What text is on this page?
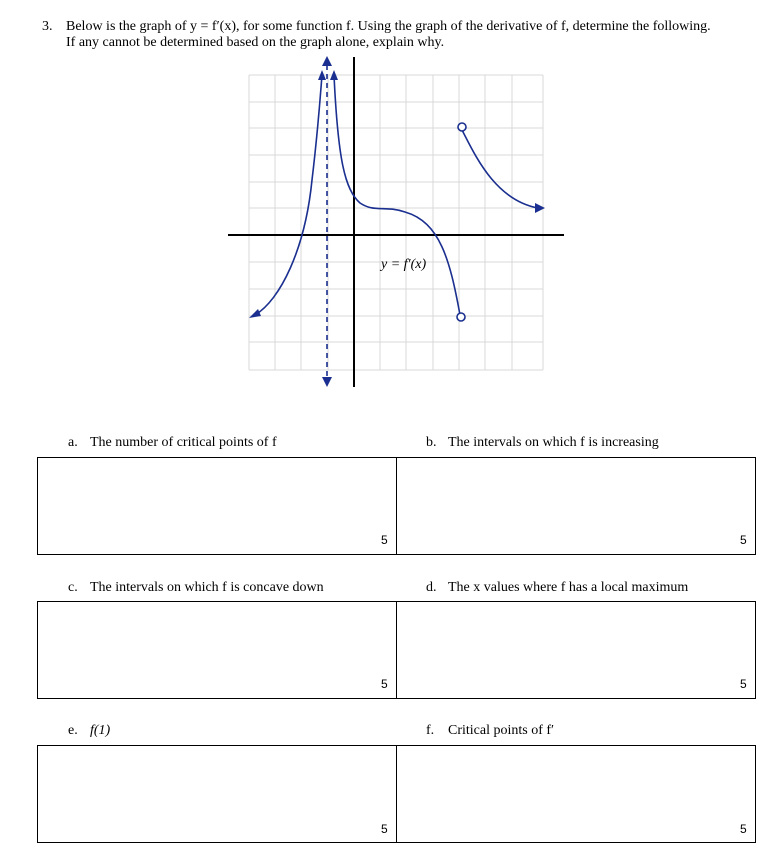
3. Below is the graph of y = f′(x), for some function f. Using the graph of the derivative of f, determine the following.
If any cannot be determined based on the graph alone, explain why.
y = f′(x)
a. The number of critical points of f	b. The intervals on which f is increasing
5	5
c. The intervals on which f is concave down	d. The x values where f has a local maximum
5	5
e. f(1)	f. Critical points of f′
5	5
